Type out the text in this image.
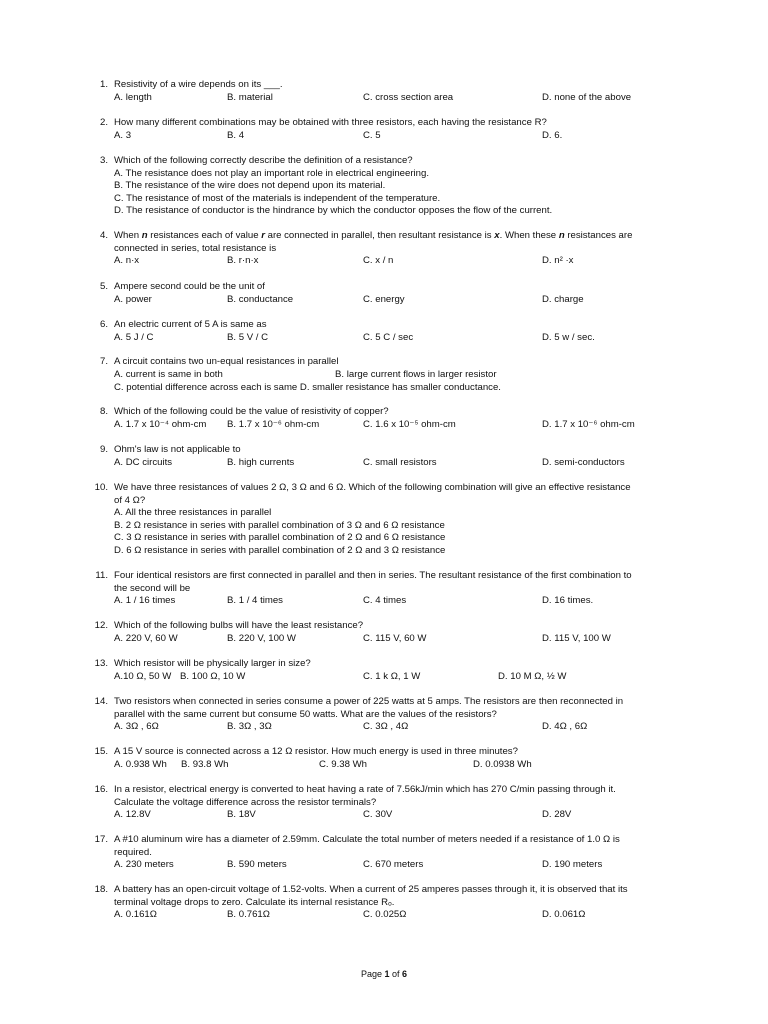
1. Resistivity of a wire depends on its ___.
A. length	B. material	C. cross section area	D. none of the above
2. How many different combinations may be obtained with three resistors, each having the resistance R?
A. 3	B. 4	C. 5	D. 6.
3. Which of the following correctly describe the definition of a resistance?
A. The resistance does not play an important role in electrical engineering.
B. The resistance of the wire does not depend upon its material.
C. The resistance of most of the materials is independent of the temperature.
D. The resistance of conductor is the hindrance by which the conductor opposes the flow of the current.
4. When n resistances each of value r are connected in parallel, then resultant resistance is x. When these n resistances are
connected in series, total resistance is
A. n·x	B. r·n·x	C. x / n	D. n² ·x
5. Ampere second could be the unit of
A. power	B. conductance	C. energy	D. charge
6. An electric current of 5 A is same as
A. 5 J / C	B. 5 V / C	C. 5 C / sec	D. 5 w / sec.
7. A circuit contains two un-equal resistances in parallel
A. current is same in both	B. large current flows in larger resistor
C. potential difference across each is same D. smaller resistance has smaller conductance.
8. Which of the following could be the value of resistivity of copper?
A. 1.7 x 10⁻⁴ ohm-cm B. 1.7 x 10⁻⁶ ohm-cm	C. 1.6 x 10⁻⁵ ohm-cm	D. 1.7 x 10⁻⁶ ohm-cm
9. Ohm's law is not applicable to
A. DC circuits	B. high currents	C. small resistors	D. semi-conductors
10. We have three resistances of values 2 Ω, 3 Ω and 6 Ω. Which of the following combination will give an effective resistance
of 4 Ω?
A. All the three resistances in parallel
B. 2 Ω resistance in series with parallel combination of 3 Ω and 6 Ω resistance
C. 3 Ω resistance in series with parallel combination of 2 Ω and 6 Ω resistance
D. 6 Ω resistance in series with parallel combination of 2 Ω and 3 Ω resistance
11. Four identical resistors are first connected in parallel and then in series. The resultant resistance of the first combination to
the second will be
A. 1 / 16 times	B. 1 / 4 times	C. 4 times	D. 16 times.
12. Which of the following bulbs will have the least resistance?
A. 220 V, 60 W	B. 220 V, 100 W	C. 115 V, 60 W	D. 115 V, 100 W
13. Which resistor will be physically larger in size?
A.10 Ω, 50 W B. 100 Ω, 10 W	C. 1 k Ω, 1 W	D. 10 M Ω, ½ W
14. Two resistors when connected in series consume a power of 225 watts at 5 amps. The resistors are then reconnected in
parallel with the same current but consume 50 watts. What are the values of the resistors?
A. 3Ω , 6Ω	B. 3Ω , 3Ω	C. 3Ω , 4Ω	D. 4Ω , 6Ω
15. A 15 V source is connected across a 12 Ω resistor. How much energy is used in three minutes?
A. 0.938 Wh B. 93.8 Wh	C. 9.38 Wh	D. 0.0938 Wh
16. In a resistor, electrical energy is converted to heat having a rate of 7.56kJ/min which has 270 C/min passing through it.
Calculate the voltage difference across the resistor terminals?
A. 12.8V	B. 18V	C. 30V	D. 28V
17. A #10 aluminum wire has a diameter of 2.59mm. Calculate the total number of meters needed if a resistance of 1.0 Ω is
required.
A. 230 meters	B. 590 meters	C. 670 meters	D. 190 meters
18. A battery has an open-circuit voltage of 1.52-volts. When a current of 25 amperes passes through it, it is observed that its
terminal voltage drops to zero. Calculate its internal resistance Rₒ.
A. 0.161Ω	B. 0.761Ω	C. 0.025Ω	D. 0.061Ω
Page 1 of 6
